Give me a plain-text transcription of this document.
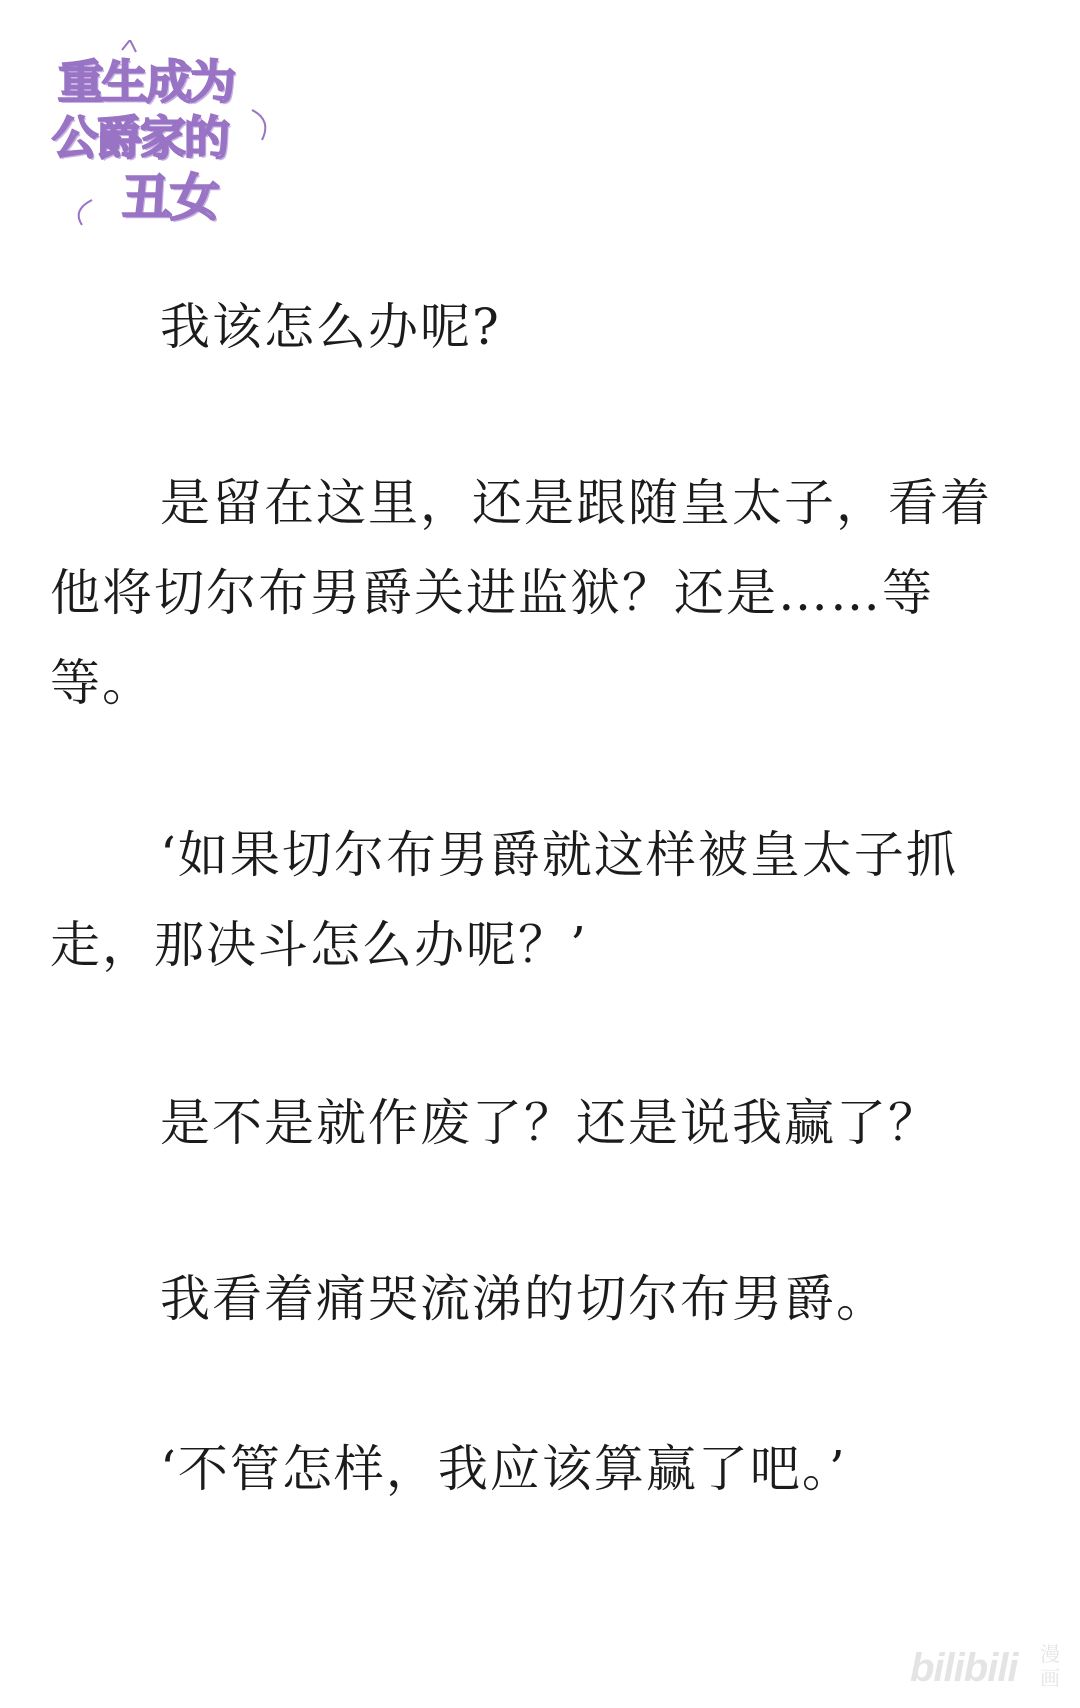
重生成为
公爵家的
丑女

我该怎么办呢?

是留在这里，还是跟随皇太子，看着他将切尔布男爵关进监狱？还是……等等。

‘如果切尔布男爵就这样被皇太子抓走，那决斗怎么办呢？’

是不是就作废了？还是说我赢了？

我看着痛哭流涕的切尔布男爵。

‘不管怎样，我应该算赢了吧。’

bilibili 漫画
